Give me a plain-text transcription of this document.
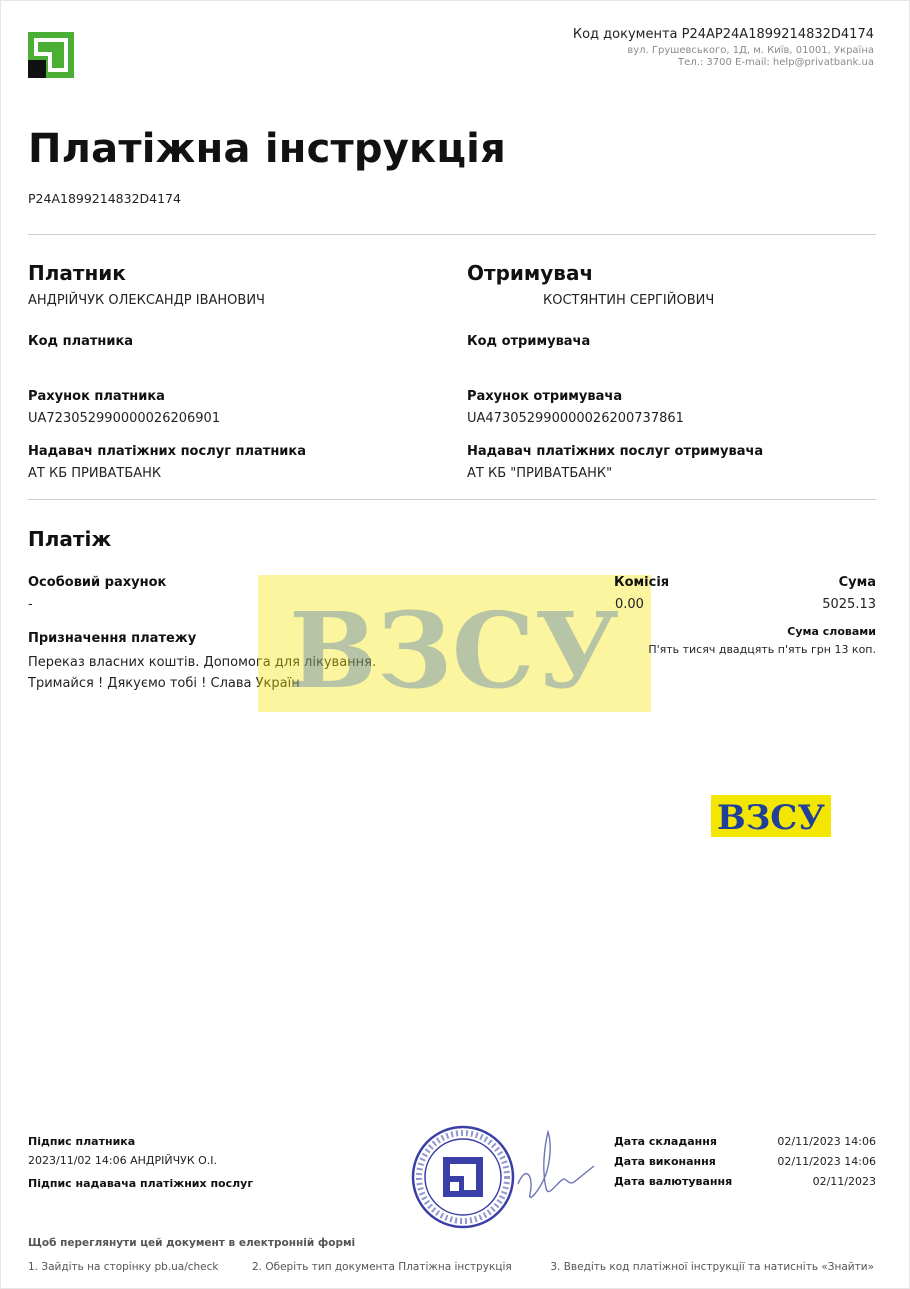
Код документа P24AP24A1899214832D4174
вул. Грушевського, 1Д, м. Київ, 01001, Україна
Тел.: 3700 E-mail: help@privatbank.ua
Платіжна інструкція
P24A1899214832D4174
Платник
АНДРІЙЧУК ОЛЕКСАНДР ІВАНОВИЧ
Код платника
Рахунок платника
UA723052990000026206901
Надавач платіжних послуг платника
АТ КБ ПРИВАТБАНК
Отримувач
КОСТЯНТИН СЕРГІЙОВИЧ
Код отримувача
Рахунок отримувача
UA473052990000026200737861
Надавач платіжних послуг отримувача
АТ КБ "ПРИВАТБАНК"
Платіж
Особовий рахунок
-
Призначення платежу
Переказ власних коштів. Допомога для лікування.
Тримайся ! Дякуємо тобі ! Слава Україн
ВЗСУ
Комісія
0.00
Сума
5025.13
Сума словами
П'ять тисяч двадцять п'ять грн 13 коп.
ВЗСУ
Підпис платника
2023/11/02 14:06 АНДРІЙЧУК О.І.
Підпис надавача платіжних послуг
Дата складання	02/11/2023 14:06
Дата виконання	02/11/2023 14:06
Дата валютування	02/11/2023
Щоб переглянути цей документ в електронній формі
1. Зайдіть на сторінку pb.ua/check	2. Оберіть тип документа Платіжна інструкція	3. Введіть код платіжної інструкції та натисніть «Знайти»
